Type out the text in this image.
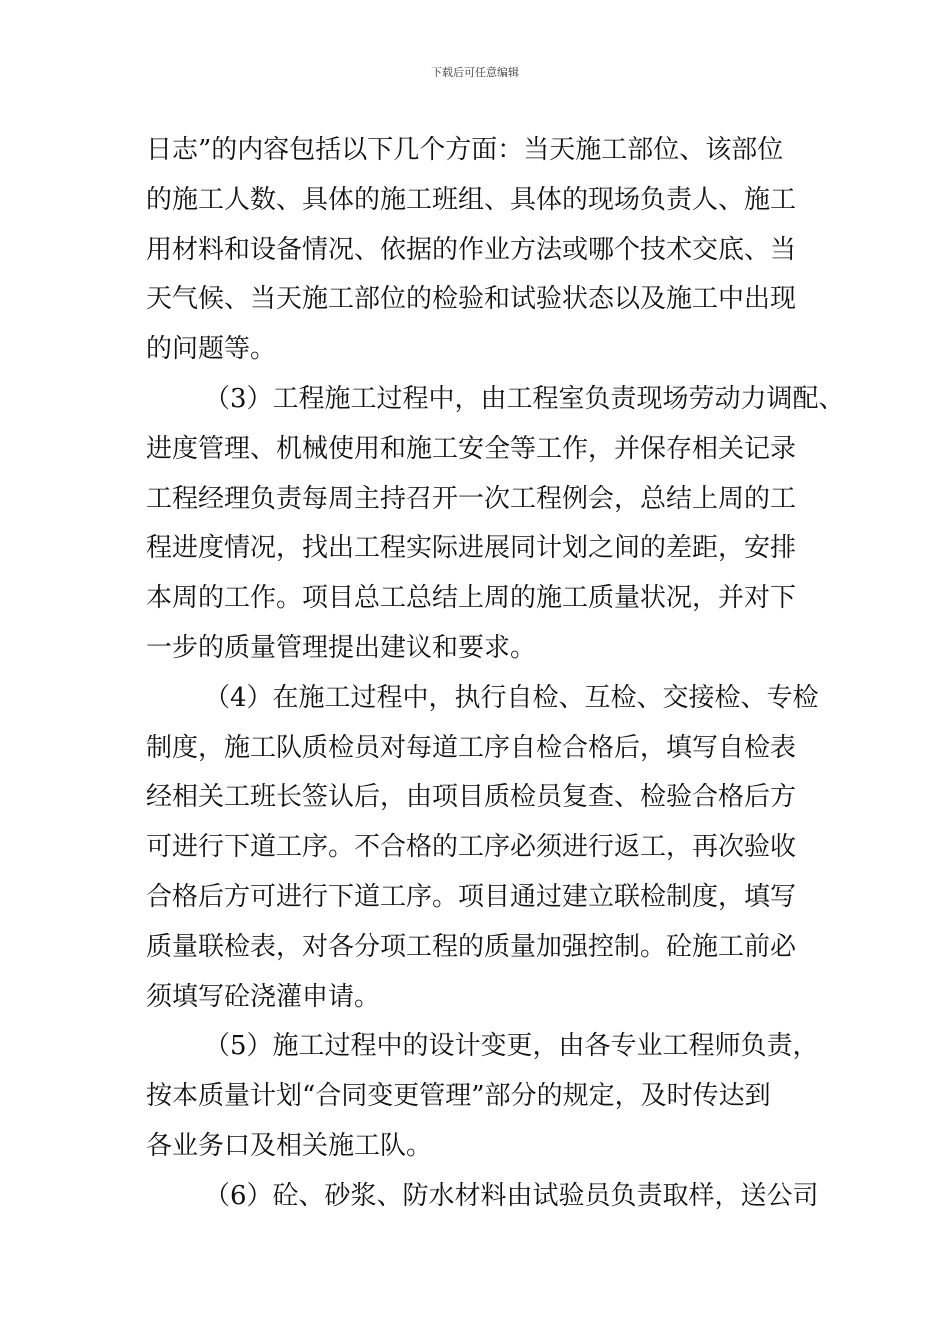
下载后可任意编辑
日志”的内容包括以下几个方面：当天施工部位、该部位
的施工人数、具体的施工班组、具体的现场负责人、施工
用材料和设备情况、依据的作业方法或哪个技术交底、当
天气候、当天施工部位的检验和试验状态以及施工中出现
的问题等。
（3）工程施工过程中，由工程室负责现场劳动力调配、
进度管理、机械使用和施工安全等工作，并保存相关记录
工程经理负责每周主持召开一次工程例会，总结上周的工
程进度情况，找出工程实际进展同计划之间的差距，安排
本周的工作。项目总工总结上周的施工质量状况，并对下
一步的质量管理提出建议和要求。
（4）在施工过程中，执行自检、互检、交接检、专检
制度，施工队质检员对每道工序自检合格后，填写自检表
经相关工班长签认后，由项目质检员复查、检验合格后方
可进行下道工序。不合格的工序必须进行返工，再次验收
合格后方可进行下道工序。项目通过建立联检制度，填写
质量联检表，对各分项工程的质量加强控制。砼施工前必
须填写砼浇灌申请。
（5）施工过程中的设计变更，由各专业工程师负责，
按本质量计划“合同变更管理”部分的规定，及时传达到
各业务口及相关施工队。
（6）砼、砂浆、防水材料由试验员负责取样，送公司
